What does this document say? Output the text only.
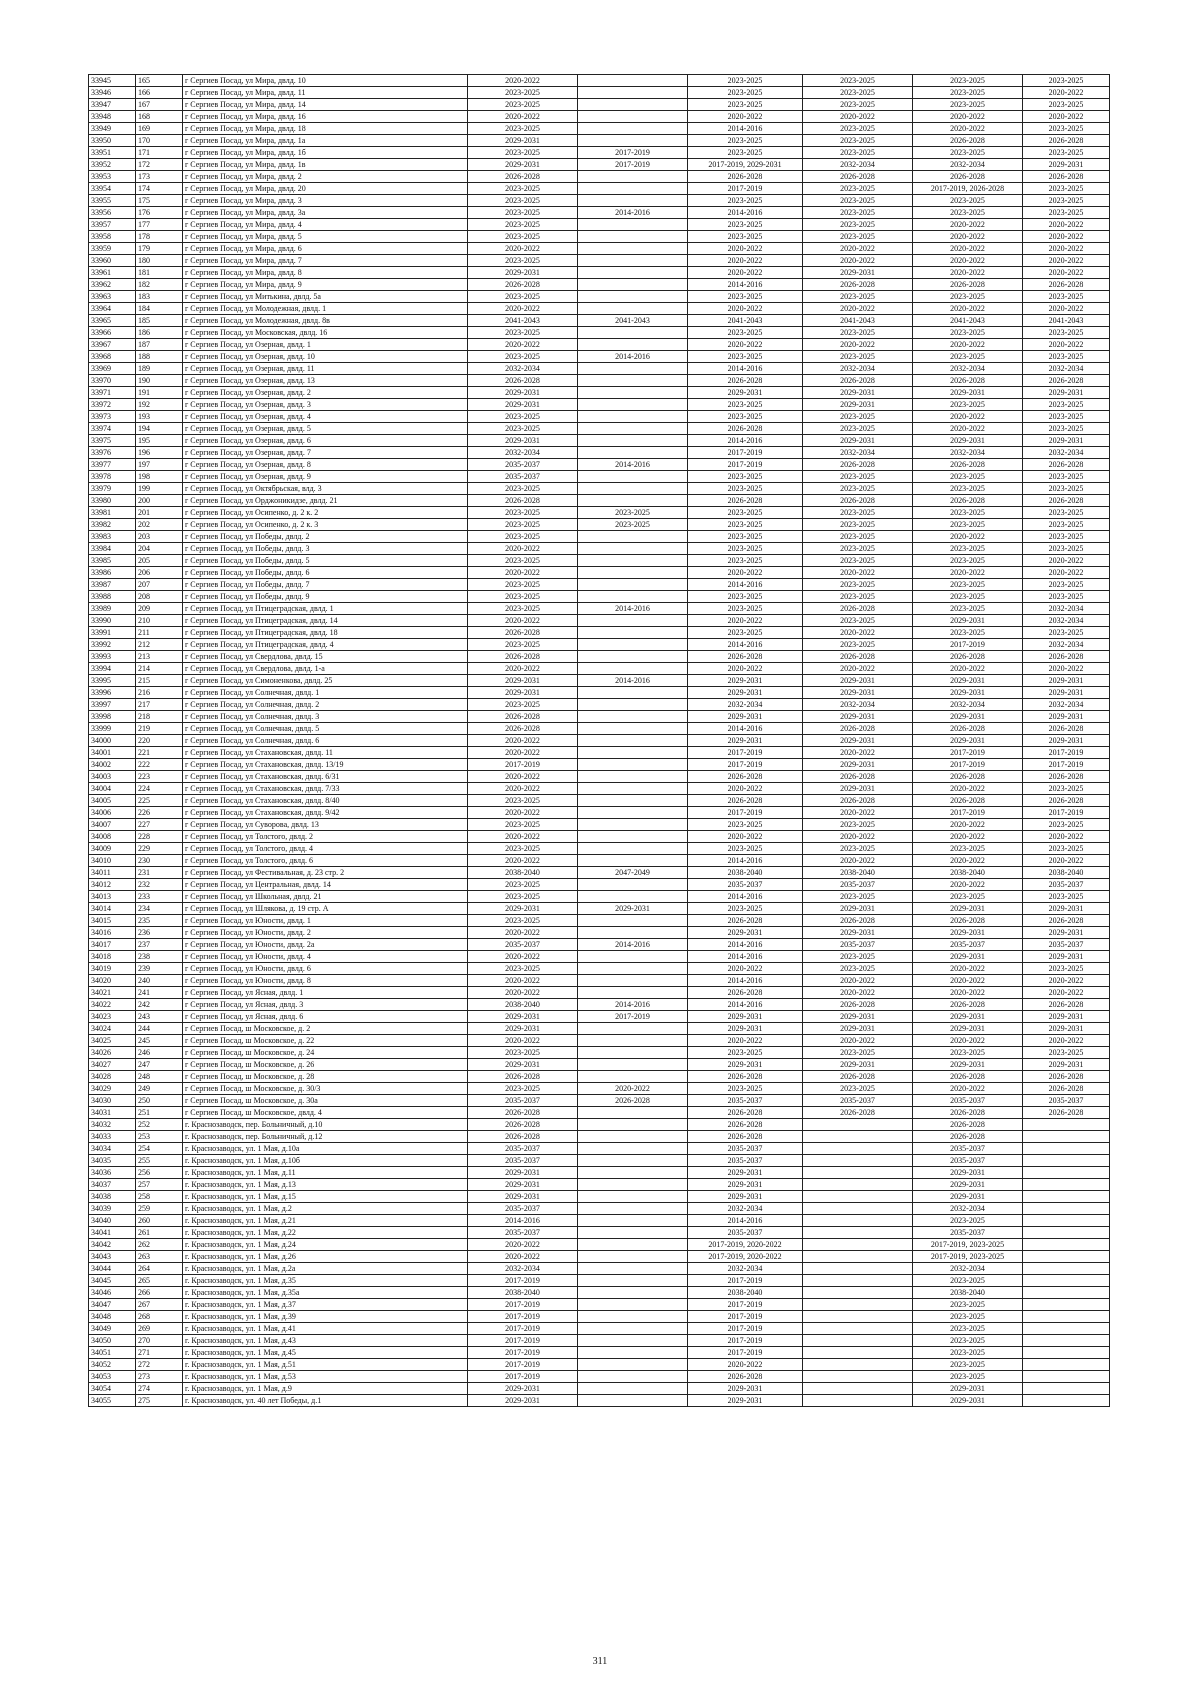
33945	165	г Сергиев Посад, ул Мира, двлд. 10	2020-2022		2023-2025	2023-2025	2023-2025	2023-2025
33946	166	г Сергиев Посад, ул Мира, двлд. 11	2023-2025		2023-2025	2023-2025	2023-2025	2020-2022
33947	167	г Сергиев Посад, ул Мира, двлд. 14	2023-2025		2023-2025	2023-2025	2023-2025	2023-2025
33948	168	г Сергиев Посад, ул Мира, двлд. 16	2020-2022		2020-2022	2020-2022	2020-2022	2020-2022
33949	169	г Сергиев Посад, ул Мира, двлд. 18	2023-2025		2014-2016	2023-2025	2020-2022	2023-2025
33950	170	г Сергиев Посад, ул Мира, двлд. 1а	2029-2031		2023-2025	2023-2025	2026-2028	2026-2028
33951	171	г Сергиев Посад, ул Мира, двлд. 1б	2023-2025	2017-2019	2023-2025	2023-2025	2023-2025	2023-2025
33952	172	г Сергиев Посад, ул Мира, двлд. 1в	2029-2031	2017-2019	2017-2019, 2029-2031	2032-2034	2032-2034	2029-2031
33953	173	г Сергиев Посад, ул Мира, двлд. 2	2026-2028		2026-2028	2026-2028	2026-2028	2026-2028
33954	174	г Сергиев Посад, ул Мира, двлд. 20	2023-2025		2017-2019	2023-2025	2017-2019, 2026-2028	2023-2025
33955	175	г Сергиев Посад, ул Мира, двлд. 3	2023-2025		2023-2025	2023-2025	2023-2025	2023-2025
33956	176	г Сергиев Посад, ул Мира, двлд. 3а	2023-2025	2014-2016	2014-2016	2023-2025	2023-2025	2023-2025
33957	177	г Сергиев Посад, ул Мира, двлд. 4	2023-2025		2023-2025	2023-2025	2020-2022	2020-2022
33958	178	г Сергиев Посад, ул Мира, двлд. 5	2023-2025		2023-2025	2023-2025	2020-2022	2020-2022
33959	179	г Сергиев Посад, ул Мира, двлд. 6	2020-2022		2020-2022	2020-2022	2020-2022	2020-2022
33960	180	г Сергиев Посад, ул Мира, двлд. 7	2023-2025		2020-2022	2020-2022	2020-2022	2020-2022
33961	181	г Сергиев Посад, ул Мира, двлд. 8	2029-2031		2020-2022	2029-2031	2020-2022	2020-2022
33962	182	г Сергиев Посад, ул Мира, двлд. 9	2026-2028		2014-2016	2026-2028	2026-2028	2026-2028
33963	183	г Сергиев Посад, ул Митькина, двлд. 5а	2023-2025		2023-2025	2023-2025	2023-2025	2023-2025
33964	184	г Сергиев Посад, ул Молодежная, двлд. 1	2020-2022		2020-2022	2020-2022	2020-2022	2020-2022
33965	185	г Сергиев Посад, ул Молодежная, двлд. 8в	2041-2043	2041-2043	2041-2043	2041-2043	2041-2043	2041-2043
33966	186	г Сергиев Посад, ул Московская, двлд. 16	2023-2025		2023-2025	2023-2025	2023-2025	2023-2025
33967	187	г Сергиев Посад, ул Озерная, двлд. 1	2020-2022		2020-2022	2020-2022	2020-2022	2020-2022
33968	188	г Сергиев Посад, ул Озерная, двлд. 10	2023-2025	2014-2016	2023-2025	2023-2025	2023-2025	2023-2025
33969	189	г Сергиев Посад, ул Озерная, двлд. 11	2032-2034		2014-2016	2032-2034	2032-2034	2032-2034
33970	190	г Сергиев Посад, ул Озерная, двлд. 13	2026-2028		2026-2028	2026-2028	2026-2028	2026-2028
33971	191	г Сергиев Посад, ул Озерная, двлд. 2	2029-2031		2029-2031	2029-2031	2029-2031	2029-2031
33972	192	г Сергиев Посад, ул Озерная, двлд. 3	2029-2031		2023-2025	2029-2031	2023-2025	2023-2025
33973	193	г Сергиев Посад, ул Озерная, двлд. 4	2023-2025		2023-2025	2023-2025	2020-2022	2023-2025
33974	194	г Сергиев Посад, ул Озерная, двлд. 5	2023-2025		2026-2028	2023-2025	2020-2022	2023-2025
33975	195	г Сергиев Посад, ул Озерная, двлд. 6	2029-2031		2014-2016	2029-2031	2029-2031	2029-2031
33976	196	г Сергиев Посад, ул Озерная, двлд. 7	2032-2034		2017-2019	2032-2034	2032-2034	2032-2034
33977	197	г Сергиев Посад, ул Озерная, двлд. 8	2035-2037	2014-2016	2017-2019	2026-2028	2026-2028	2026-2028
33978	198	г Сергиев Посад, ул Озерная, двлд. 9	2035-2037		2023-2025	2023-2025	2023-2025	2023-2025
33979	199	г Сергиев Посад, ул Октябрьская, влд. 3	2023-2025		2023-2025	2023-2025	2023-2025	2023-2025
33980	200	г Сергиев Посад, ул Орджоникидзе, двлд. 21	2026-2028		2026-2028	2026-2028	2026-2028	2026-2028
33981	201	г Сергиев Посад, ул Осипенко, д. 2 к. 2	2023-2025	2023-2025	2023-2025	2023-2025	2023-2025	2023-2025
33982	202	г Сергиев Посад, ул Осипенко, д. 2 к. 3	2023-2025	2023-2025	2023-2025	2023-2025	2023-2025	2023-2025
33983	203	г Сергиев Посад, ул Победы, двлд. 2	2023-2025		2023-2025	2023-2025	2020-2022	2023-2025
33984	204	г Сергиев Посад, ул Победы, двлд. 3	2020-2022		2023-2025	2023-2025	2023-2025	2023-2025
33985	205	г Сергиев Посад, ул Победы, двлд. 5	2023-2025		2023-2025	2023-2025	2023-2025	2020-2022
33986	206	г Сергиев Посад, ул Победы, двлд. 6	2020-2022		2020-2022	2020-2022	2020-2022	2020-2022
33987	207	г Сергиев Посад, ул Победы, двлд. 7	2023-2025		2014-2016	2023-2025	2023-2025	2023-2025
33988	208	г Сергиев Посад, ул Победы, двлд. 9	2023-2025		2023-2025	2023-2025	2023-2025	2023-2025
33989	209	г Сергиев Посад, ул Птицеградская, двлд. 1	2023-2025	2014-2016	2023-2025	2026-2028	2023-2025	2032-2034
33990	210	г Сергиев Посад, ул Птицеградская, двлд. 14	2020-2022		2020-2022	2023-2025	2029-2031	2032-2034
33991	211	г Сергиев Посад, ул Птицеградская, двлд. 18	2026-2028		2023-2025	2020-2022	2023-2025	2023-2025
33992	212	г Сергиев Посад, ул Птицеградская, двлд. 4	2023-2025		2014-2016	2023-2025	2017-2019	2032-2034
33993	213	г Сергиев Посад, ул Свердлова, двлд. 15	2026-2028		2026-2028	2026-2028	2026-2028	2026-2028
33994	214	г Сергиев Посад, ул Свердлова, двлд. 1-а	2020-2022		2020-2022	2020-2022	2020-2022	2020-2022
33995	215	г Сергиев Посад, ул Симоненкова, двлд. 25	2029-2031	2014-2016	2029-2031	2029-2031	2029-2031	2029-2031
33996	216	г Сергиев Посад, ул Солнечная, двлд. 1	2029-2031		2029-2031	2029-2031	2029-2031	2029-2031
33997	217	г Сергиев Посад, ул Солнечная, двлд. 2	2023-2025		2032-2034	2032-2034	2032-2034	2032-2034
33998	218	г Сергиев Посад, ул Солнечная, двлд. 3	2026-2028		2029-2031	2029-2031	2029-2031	2029-2031
33999	219	г Сергиев Посад, ул Солнечная, двлд. 5	2026-2028		2014-2016	2026-2028	2026-2028	2026-2028
34000	220	г Сергиев Посад, ул Солнечная, двлд. 6	2020-2022		2029-2031	2029-2031	2029-2031	2029-2031
34001	221	г Сергиев Посад, ул Стахановская, двлд. 11	2020-2022		2017-2019	2020-2022	2017-2019	2017-2019
34002	222	г Сергиев Посад, ул Стахановская, двлд. 13/19	2017-2019		2017-2019	2029-2031	2017-2019	2017-2019
34003	223	г Сергиев Посад, ул Стахановская, двлд. 6/31	2020-2022		2026-2028	2026-2028	2026-2028	2026-2028
34004	224	г Сергиев Посад, ул Стахановская, двлд. 7/33	2020-2022		2020-2022	2029-2031	2020-2022	2023-2025
34005	225	г Сергиев Посад, ул Стахановская, двлд. 8/40	2023-2025		2026-2028	2026-2028	2026-2028	2026-2028
34006	226	г Сергиев Посад, ул Стахановская, двлд. 9/42	2020-2022		2017-2019	2020-2022	2017-2019	2017-2019
34007	227	г Сергиев Посад, ул Суворова, двлд. 13	2023-2025		2023-2025	2023-2025	2020-2022	2023-2025
34008	228	г Сергиев Посад, ул Толстого, двлд. 2	2020-2022		2020-2022	2020-2022	2020-2022	2020-2022
34009	229	г Сергиев Посад, ул Толстого, двлд. 4	2023-2025		2023-2025	2023-2025	2023-2025	2023-2025
34010	230	г Сергиев Посад, ул Толстого, двлд. 6	2020-2022		2014-2016	2020-2022	2020-2022	2020-2022
34011	231	г Сергиев Посад, ул Фестивальная, д. 23 стр. 2	2038-2040	2047-2049	2038-2040	2038-2040	2038-2040	2038-2040
34012	232	г Сергиев Посад, ул Центральная, двлд. 14	2023-2025		2035-2037	2035-2037	2020-2022	2035-2037
34013	233	г Сергиев Посад, ул Школьная, двлд. 21	2023-2025		2014-2016	2023-2025	2023-2025	2023-2025
34014	234	г Сергиев Посад, ул Шлякова, д. 19 стр. А	2029-2031	2029-2031	2023-2025	2029-2031	2029-2031	2029-2031
34015	235	г Сергиев Посад, ул Юности, двлд. 1	2023-2025		2026-2028	2026-2028	2026-2028	2026-2028
34016	236	г Сергиев Посад, ул Юности, двлд. 2	2020-2022		2029-2031	2029-2031	2029-2031	2029-2031
34017	237	г Сергиев Посад, ул Юности, двлд. 2а	2035-2037	2014-2016	2014-2016	2035-2037	2035-2037	2035-2037
34018	238	г Сергиев Посад, ул Юности, двлд. 4	2020-2022		2014-2016	2023-2025	2029-2031	2029-2031
34019	239	г Сергиев Посад, ул Юности, двлд. 6	2023-2025		2020-2022	2023-2025	2020-2022	2023-2025
34020	240	г Сергиев Посад, ул Юности, двлд. 8	2020-2022		2014-2016	2020-2022	2020-2022	2020-2022
34021	241	г Сергиев Посад, ул Ясная, двлд. 1	2020-2022		2026-2028	2020-2022	2020-2022	2020-2022
34022	242	г Сергиев Посад, ул Ясная, двлд. 3	2038-2040	2014-2016	2014-2016	2026-2028	2026-2028	2026-2028
34023	243	г Сергиев Посад, ул Ясная, двлд. 6	2029-2031	2017-2019	2029-2031	2029-2031	2029-2031	2029-2031
34024	244	г Сергиев Посад, ш Московское, д. 2	2029-2031		2029-2031	2029-2031	2029-2031	2029-2031
34025	245	г Сергиев Посад, ш Московское, д. 22	2020-2022		2020-2022	2020-2022	2020-2022	2020-2022
34026	246	г Сергиев Посад, ш Московское, д. 24	2023-2025		2023-2025	2023-2025	2023-2025	2023-2025
34027	247	г Сергиев Посад, ш Московское, д. 26	2029-2031		2029-2031	2029-2031	2029-2031	2029-2031
34028	248	г Сергиев Посад, ш Московское, д. 28	2026-2028		2026-2028	2026-2028	2026-2028	2026-2028
34029	249	г Сергиев Посад, ш Московское, д. 30/3	2023-2025	2020-2022	2023-2025	2023-2025	2020-2022	2026-2028
34030	250	г Сергиев Посад, ш Московское, д. 30а	2035-2037	2026-2028	2035-2037	2035-2037	2035-2037	2035-2037
34031	251	г Сергиев Посад, ш Московское, двлд. 4	2026-2028		2026-2028	2026-2028	2026-2028	2026-2028
34032	252	г. Краснозаводск, пер. Больничный, д.10	2026-2028		2026-2028		2026-2028	
34033	253	г. Краснозаводск, пер. Больничный, д.12	2026-2028		2026-2028		2026-2028	
34034	254	г. Краснозаводск, ул. 1 Мая, д.10а	2035-2037		2035-2037		2035-2037	
34035	255	г. Краснозаводск, ул. 1 Мая, д.10б	2035-2037		2035-2037		2035-2037	
34036	256	г. Краснозаводск, ул. 1 Мая, д.11	2029-2031		2029-2031		2029-2031	
34037	257	г. Краснозаводск, ул. 1 Мая, д.13	2029-2031		2029-2031		2029-2031	
34038	258	г. Краснозаводск, ул. 1 Мая, д.15	2029-2031		2029-2031		2029-2031	
34039	259	г. Краснозаводск, ул. 1 Мая, д.2	2035-2037		2032-2034		2032-2034	
34040	260	г. Краснозаводск, ул. 1 Мая, д.21	2014-2016		2014-2016		2023-2025	
34041	261	г. Краснозаводск, ул. 1 Мая, д.22	2035-2037		2035-2037		2035-2037	
34042	262	г. Краснозаводск, ул. 1 Мая, д.24	2020-2022		2017-2019, 2020-2022		2017-2019, 2023-2025	
34043	263	г. Краснозаводск, ул. 1 Мая, д.26	2020-2022		2017-2019, 2020-2022		2017-2019, 2023-2025	
34044	264	г. Краснозаводск, ул. 1 Мая, д.2а	2032-2034		2032-2034		2032-2034	
34045	265	г. Краснозаводск, ул. 1 Мая, д.35	2017-2019		2017-2019		2023-2025	
34046	266	г. Краснозаводск, ул. 1 Мая, д.35а	2038-2040		2038-2040		2038-2040	
34047	267	г. Краснозаводск, ул. 1 Мая, д.37	2017-2019		2017-2019		2023-2025	
34048	268	г. Краснозаводск, ул. 1 Мая, д.39	2017-2019		2017-2019		2023-2025	
34049	269	г. Краснозаводск, ул. 1 Мая, д.41	2017-2019		2017-2019		2023-2025	
34050	270	г. Краснозаводск, ул. 1 Мая, д.43	2017-2019		2017-2019		2023-2025	
34051	271	г. Краснозаводск, ул. 1 Мая, д.45	2017-2019		2017-2019		2023-2025	
34052	272	г. Краснозаводск, ул. 1 Мая, д.51	2017-2019		2020-2022		2023-2025	
34053	273	г. Краснозаводск, ул. 1 Мая, д.53	2017-2019		2026-2028		2023-2025	
34054	274	г. Краснозаводск, ул. 1 Мая, д.9	2029-2031		2029-2031		2029-2031	
34055	275	г. Краснозаводск, ул. 40 лет Победы, д.1	2029-2031		2029-2031		2029-2031	
311
